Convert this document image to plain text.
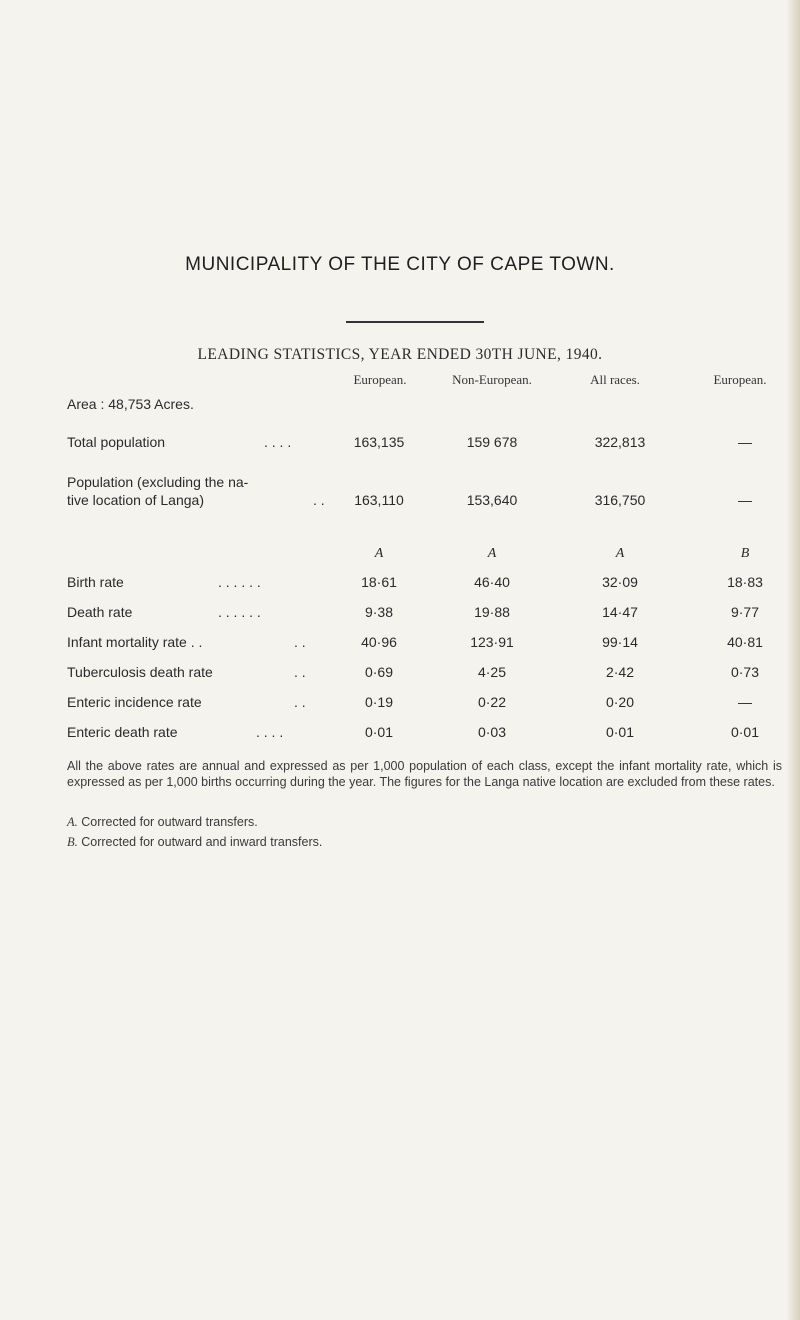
MUNICIPALITY OF THE CITY OF CAPE TOWN.
LEADING STATISTICS, YEAR ENDED 30TH JUNE, 1940.
European.	Non-European.	All races.	European.
Area : 48,753 Acres.
Total population	. . . .	163,135	159 678	322,813	—
Population (excluding the na-
tive location of Langa)	. .	163,110	153,640	316,750	—
A	A	A	B
Birth rate	. . . . . .	18·61	46·40	32·09	18·83
Death rate	. . . . . .	9·38	19·88	14·47	9·77
Infant mortality rate . .	. .	40·96	123·91	99·14	40·81
Tuberculosis death rate	. .	0·69	4·25	2·42	0·73
Enteric incidence rate	. .	0·19	0·22	0·20	—
Enteric death rate	. . . .	0·01	0·03	0·01	0·01
All the above rates are annual and expressed as per 1,000 population of each class, except the infant mortality rate, which is expressed as per 1,000 births occurring during the year. The figures for the Langa native location are excluded from these rates.
A. Corrected for outward transfers.
B. Corrected for outward and inward transfers.
